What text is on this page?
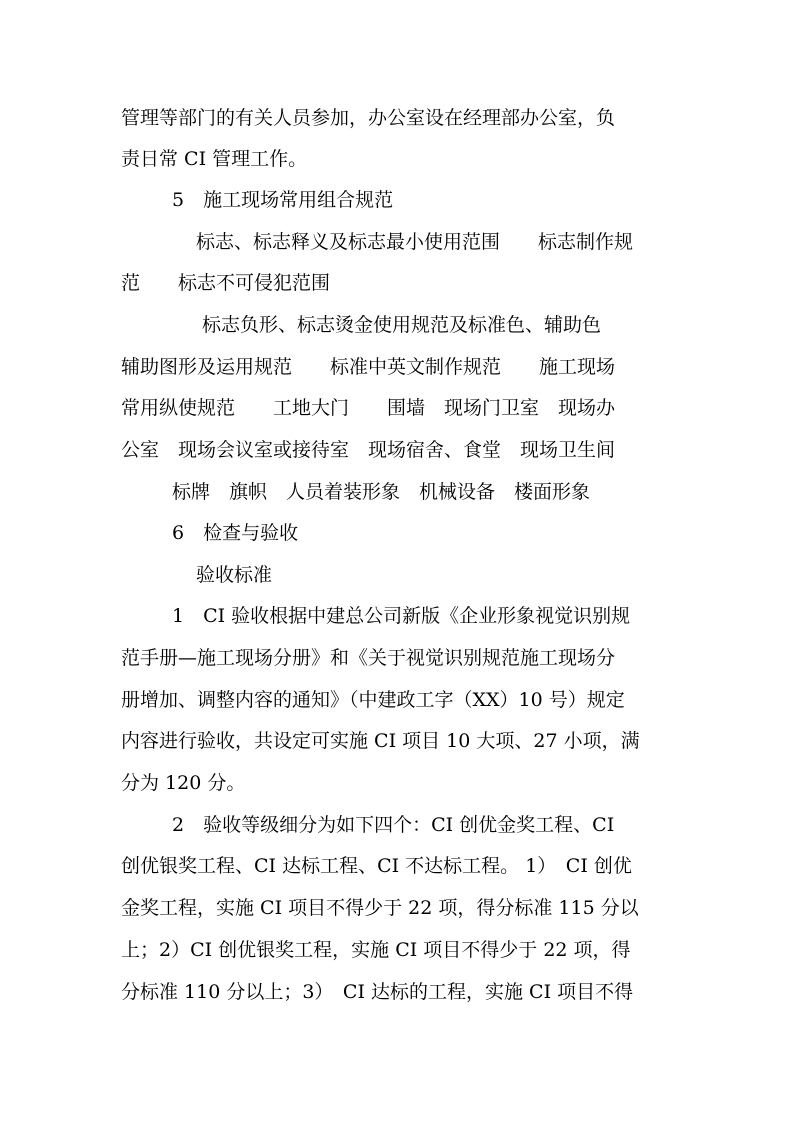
管理等部门的有关人员参加，办公室设在经理部办公室，负
责日常 CI 管理工作。
5　施工现场常用组合规范
标志、标志释义及标志最小使用范围　　标志制作规
范　　标志不可侵犯范围
标志负形、标志烫金使用规范及标准色、辅助色
辅助图形及运用规范　　标准中英文制作规范　　施工现场
常用纵使规范　　工地大门　　围墙　现场门卫室　现场办
公室　现场会议室或接待室　现场宿舍、食堂　现场卫生间
标牌　旗帜　人员着装形象　机械设备　楼面形象
6　检查与验收
验收标准
1　CI 验收根据中建总公司新版《企业形象视觉识别规
范手册—施工现场分册》和《关于视觉识别规范施工现场分
册增加、调整内容的通知》（中建政工字（XX）10 号）规定
内容进行验收，共设定可实施 CI 项目 10 大项、27 小项，满
分为 120 分。
2　验收等级细分为如下四个：CI 创优金奖工程、CI
创优银奖工程、CI 达标工程、CI 不达标工程。 1）　CI 创优
金奖工程，实施 CI 项目不得少于 22 项，得分标准 115 分以
上；2）CI 创优银奖工程，实施 CI 项目不得少于 22 项，得
分标准 110 分以上；3）　CI 达标的工程，实施 CI 项目不得
